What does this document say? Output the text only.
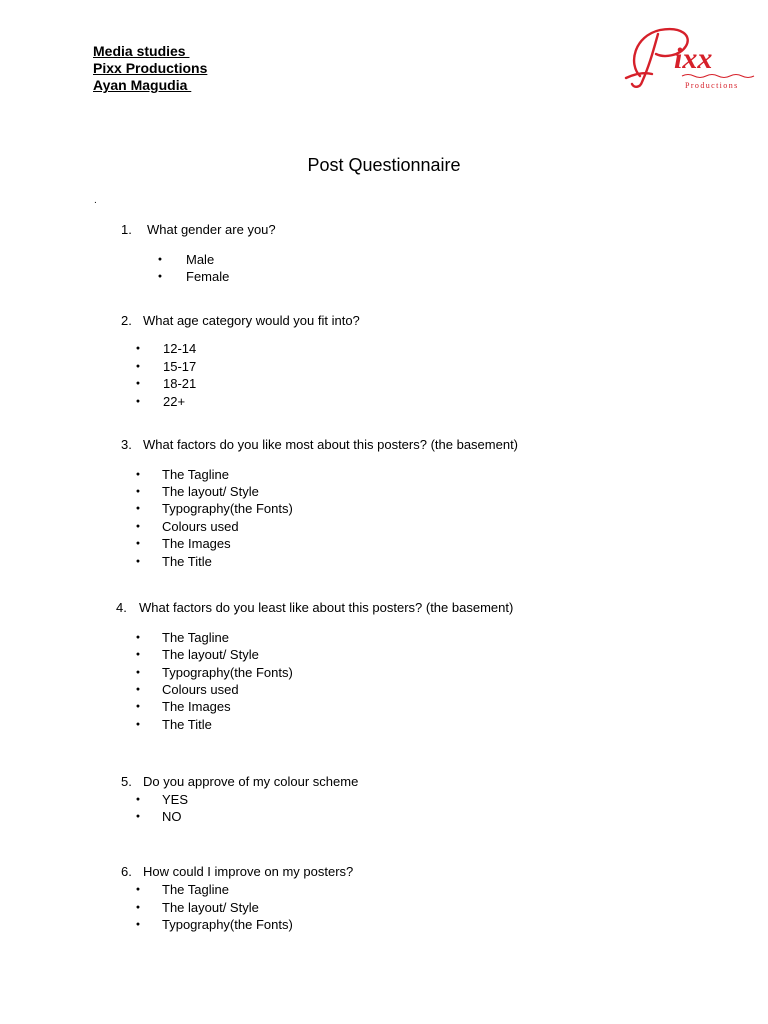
Media studies
Pixx Productions
Ayan Magudia
ixx
Productions
Post Questionnaire
.
1. What gender are you?
● Male
● Female
2. What age category would you fit into?
● 12-14
● 15-17
● 18-21
● 22+
3. What factors do you like most about this posters? (the basement)
● The Tagline
● The layout/ Style
● Typography(the Fonts)
● Colours used
● The Images
● The Title
4. What factors do you least like about this posters? (the basement)
● The Tagline
● The layout/ Style
● Typography(the Fonts)
● Colours used
● The Images
● The Title
5. Do you approve of my colour scheme
● YES
● NO
6. How could I improve on my posters?
● The Tagline
● The layout/ Style
● Typography(the Fonts)
